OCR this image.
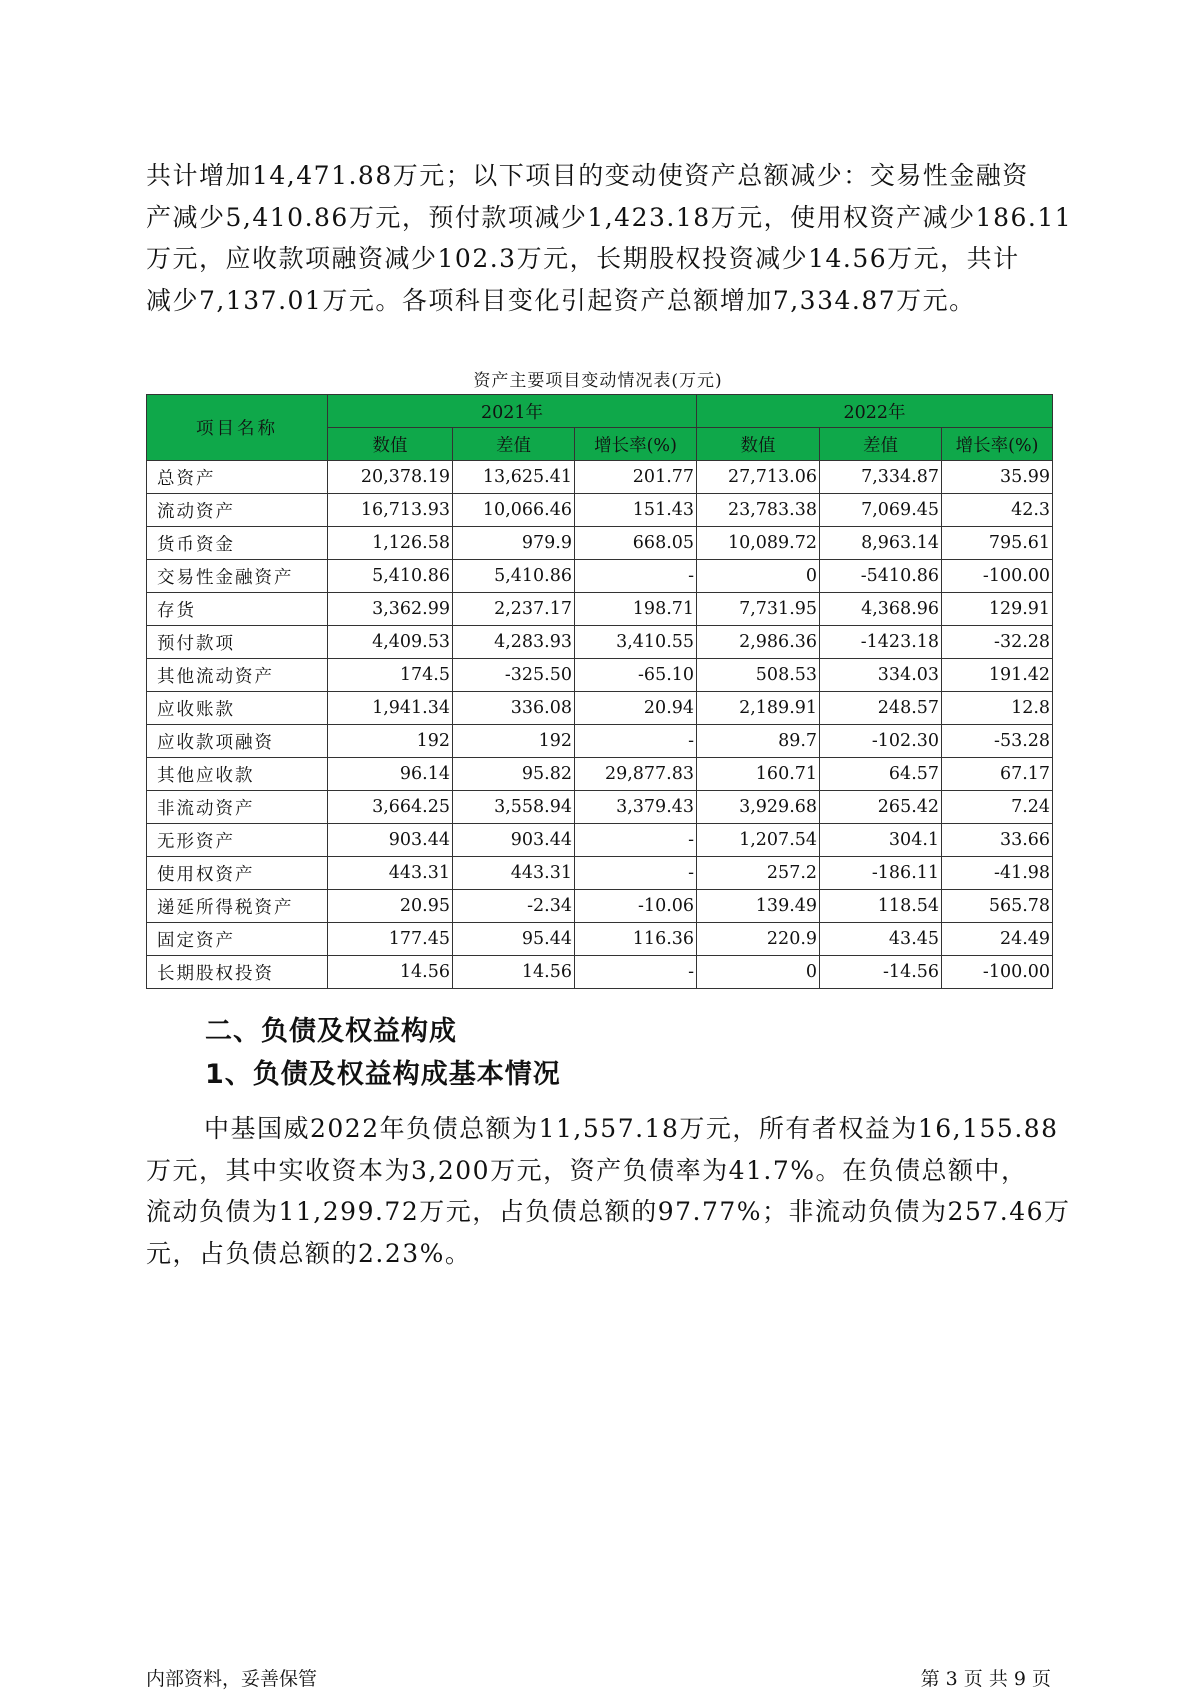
共计增加14,471.88万元；以下项目的变动使资产总额减少：交易性金融资
产减少5,410.86万元，预付款项减少1,423.18万元，使用权资产减少186.11
万元，应收款项融资减少102.3万元，长期股权投资减少14.56万元，共计
减少7,137.01万元。各项科目变化引起资产总额增加7,334.87万元。
资产主要项目变动情况表(万元)
项目名称	2021年			2022年		
	数值	差值	增长率(%)	数值	差值	增长率(%)
总资产	20,378.19	13,625.41	201.77	27,713.06	7,334.87	35.99
流动资产	16,713.93	10,066.46	151.43	23,783.38	7,069.45	42.3
货币资金	1,126.58	979.9	668.05	10,089.72	8,963.14	795.61
交易性金融资产	5,410.86	5,410.86	-	0	-5410.86	-100.00
存货	3,362.99	2,237.17	198.71	7,731.95	4,368.96	129.91
预付款项	4,409.53	4,283.93	3,410.55	2,986.36	-1423.18	-32.28
其他流动资产	174.5	-325.50	-65.10	508.53	334.03	191.42
应收账款	1,941.34	336.08	20.94	2,189.91	248.57	12.8
应收款项融资	192	192	-	89.7	-102.30	-53.28
其他应收款	96.14	95.82	29,877.83	160.71	64.57	67.17
非流动资产	3,664.25	3,558.94	3,379.43	3,929.68	265.42	7.24
无形资产	903.44	903.44	-	1,207.54	304.1	33.66
使用权资产	443.31	443.31	-	257.2	-186.11	-41.98
递延所得税资产	20.95	-2.34	-10.06	139.49	118.54	565.78
固定资产	177.45	95.44	116.36	220.9	43.45	24.49
长期股权投资	14.56	14.56	-	0	-14.56	-100.00
二、负债及权益构成
1、负债及权益构成基本情况
中基国威2022年负债总额为11,557.18万元，所有者权益为16,155.88
万元，其中实收资本为3,200万元，资产负债率为41.7%。在负债总额中，
流动负债为11,299.72万元，占负债总额的97.77%；非流动负债为257.46万
元，占负债总额的2.23%。
内部资料，妥善保管	第 3 页 共 9 页
